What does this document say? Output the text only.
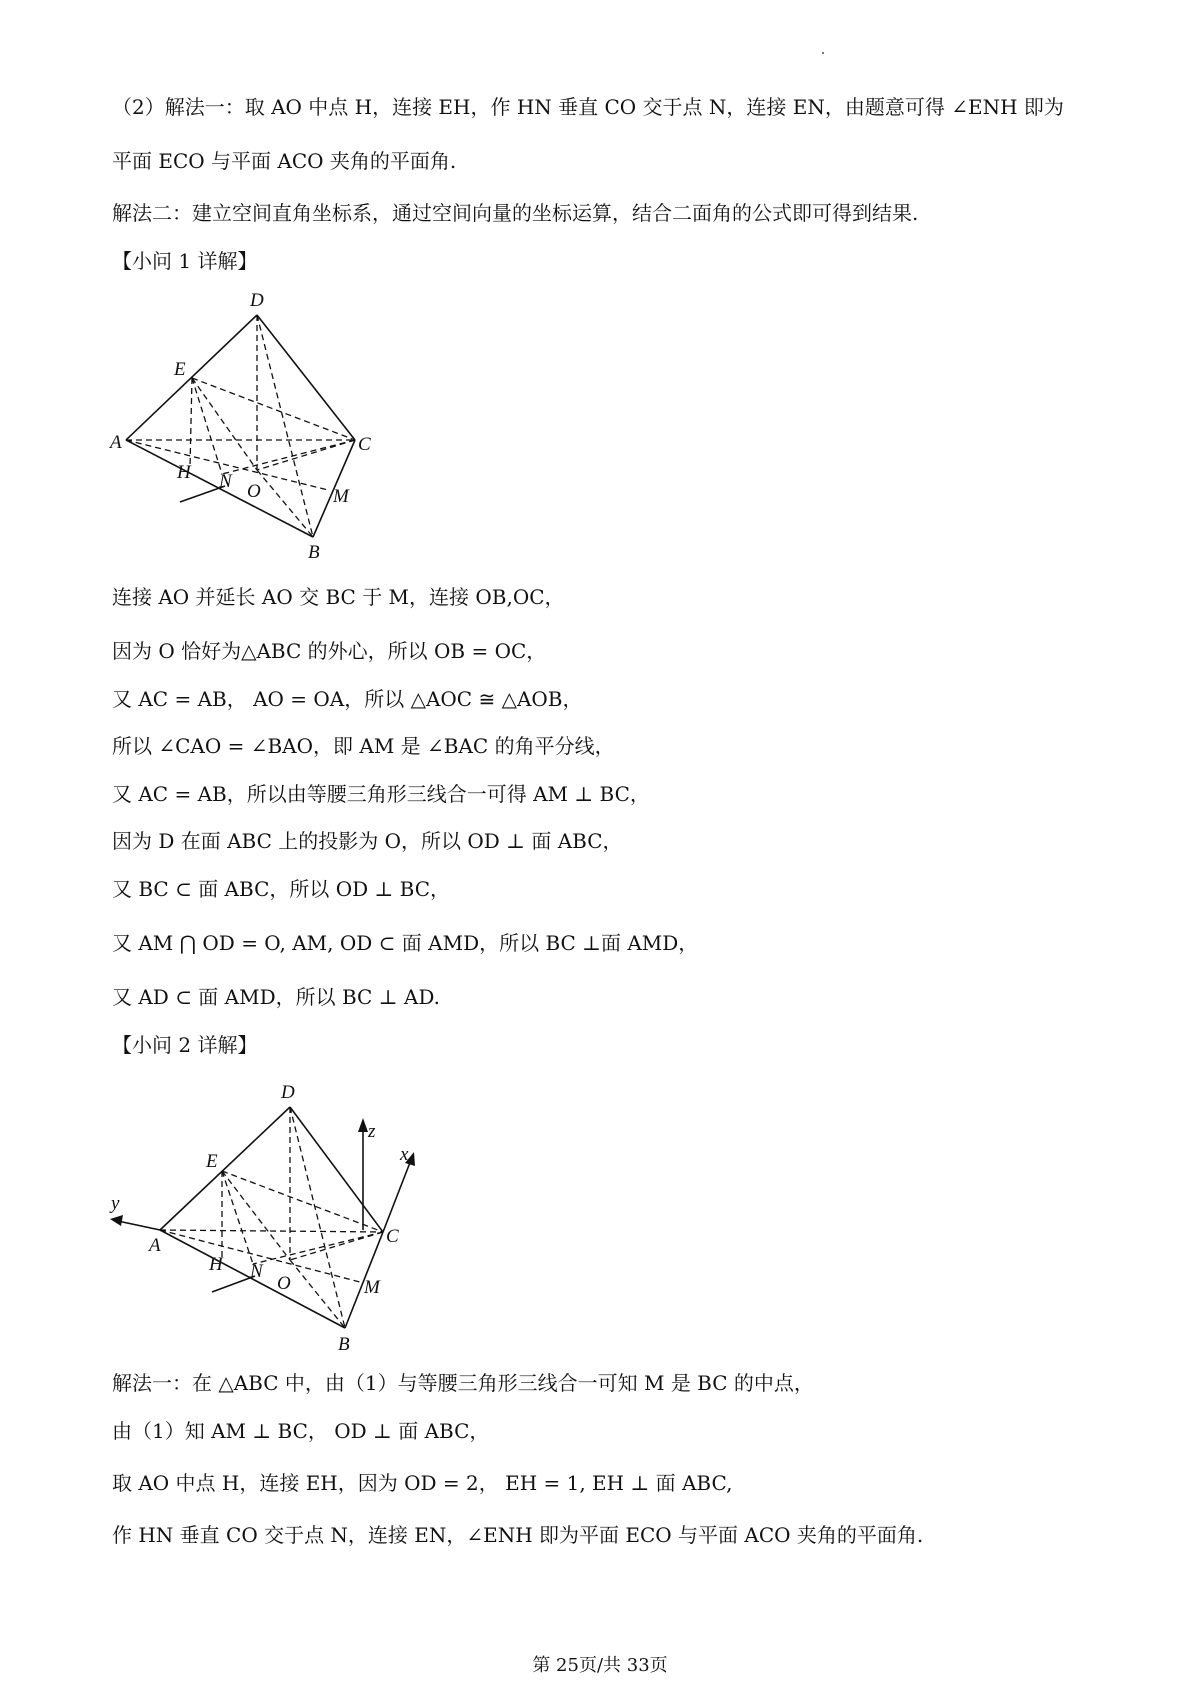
（2）解法一：取 AO 中点 H，连接 EH，作 HN 垂直 CO 交于点 N，连接 EN，由题意可得 ∠ENH 即为
平面 ECO 与平面 ACO 夹角的平面角.
解法二：建立空间直角坐标系，通过空间向量的坐标运算，结合二面角的公式即可得到结果.
【小问 1 详解】
连接 AO 并延长 AO 交 BC 于 M，连接 OB,OC，
因为 O 恰好为△ABC 的外心，所以 OB = OC，
又 AC = AB， AO = OA，所以 △AOC ≅ △AOB，
所以 ∠CAO = ∠BAO，即 AM 是 ∠BAC 的角平分线，
又 AC = AB，所以由等腰三角形三线合一可得 AM ⊥ BC，
因为 D 在面 ABC 上的投影为 O，所以 OD ⊥ 面 ABC，
又 BC ⊂ 面 ABC，所以 OD ⊥ BC，
又 AM ⋂ OD = O, AM, OD ⊂ 面 AMD，所以 BC ⊥面 AMD，
又 AD ⊂ 面 AMD，所以 BC ⊥ AD.
【小问 2 详解】
解法一：在 △ABC 中，由（1）与等腰三角形三线合一可知 M 是 BC 的中点，
由（1）知 AM ⊥ BC， OD ⊥ 面 ABC，
取 AO 中点 H，连接 EH，因为 OD = 2， EH = 1, EH ⊥ 面 ABC,
作 HN 垂直 CO 交于点 N，连接 EN，∠ENH 即为平面 ECO 与平面 ACO 夹角的平面角.
D
E
A	C
H N O	M
B
D
E
A	C
H N
O	M
B
x
y
z
第 25页/共 33页
